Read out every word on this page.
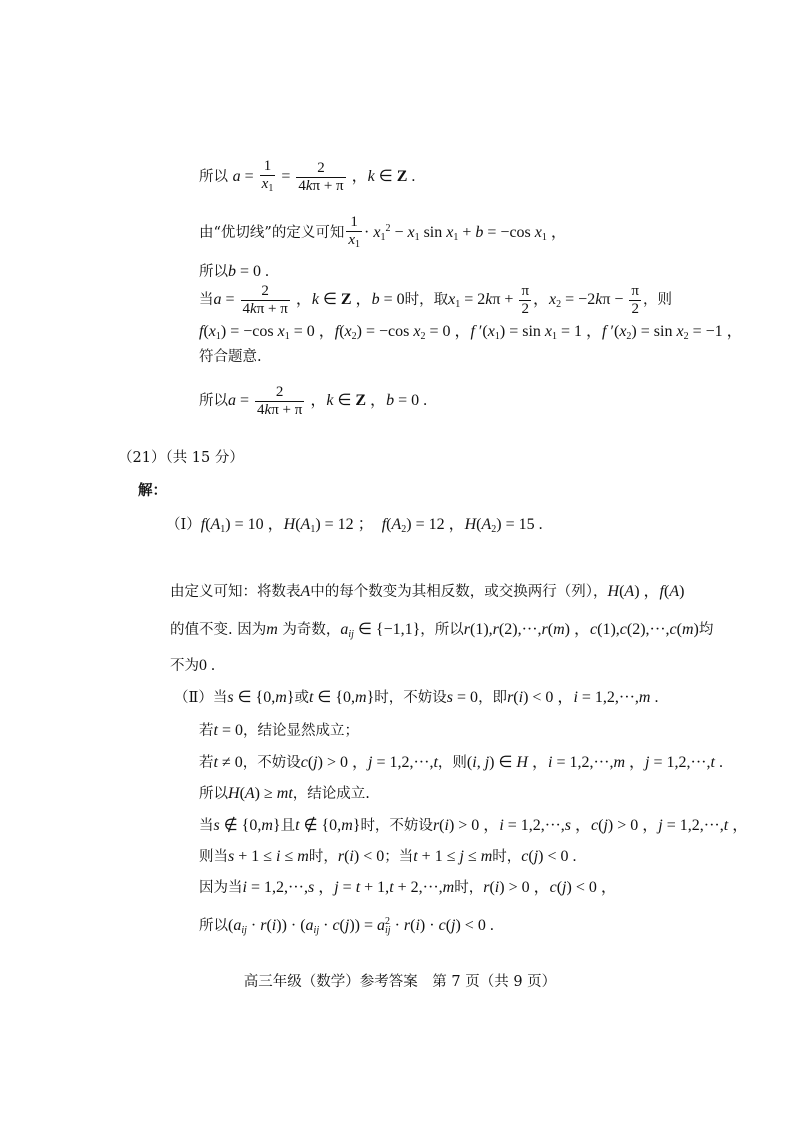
所以 $a = \frac{1}{x_1} = \frac{2}{4k\pi + \pi}$ ，k ∈ Z .
由“优切线”的定义可知 $\frac{1}{x_1} \cdot x_1^2 - x_1$ $\sin x_1 + b = -\cos$ $x_1$ ，
所以b = 0 .
当$a = \frac{2}{4k\pi + \pi}$ ，k ∈ Z ，b = 0时，取$x_1 = 2k\pi + \frac{\pi}{2}$ ，$x_2 = -2k\pi - \frac{\pi}{2}$ ，则
$f(x_1) = -\cos$ $x_1 = 0$ ，$f(x_2) = -\cos$ $x_2 = 0$ ，f $'(x_1) = \sin x_1 = 1$ ，f $'(x_2) = \sin x_2 = -1$ ，
符合题意.
所以$a = \frac{2}{4k\pi + \pi}$ ，k ∈ Z ，b = 0 .
（21）（共 15 分）
解：
$(Ⅰ)f(A_1) = 10$ ，$H(A_1) = 12$ ；　$f(A_2) = 12$ ，$H(A_2) = 15$ .
由定义可知：将数表A中的每个数变为其相反数，或交换两行（列），H(A) ，f(A)
的值不变. 因为m 为奇数，$a_{ij}$ ∈ {−1,1}，所以r(1),r(2),···,r(m) ，c(1),c(2),···,c(m)均
不为0 .
（Ⅱ）当s ∈ {0,m}或t ∈ {0,m}时，不妨设s = 0，即r(i) < 0 ，i = 1,2,···,m .
若t = 0，结论显然成立；
若t ≠ 0，不妨设c(j) > 0 ，j = 1,2,···,t，则(i, j) ∈ H ，i = 1,2,···,m ，j = 1,2,···,t .
所以H(A) ≥ mt，结论成立.
当s ∉ {0,m}且t ∉ {0,m}时，不妨设r(i) > 0 ，i = 1,2,···,s ，c(j) > 0 ，j = 1,2,···,t ，
则当s + 1 ≤ i ≤ m时，r(i) < 0；当t + 1 ≤ j ≤ m时，c(j) < 0 .
因为当i = 1,2,···,s ，j = t + 1,t + 2,···,m时，r(i) > 0 ，c(j) < 0 ，
所以$(a_{ij} \cdot r(i)) \cdot (a_{ij} \cdot c(j)) = a^2_{ij} \cdot r(i) \cdot c(j) < 0$ .
高三年级（数学）参考答案　第 7 页（共 9 页）
